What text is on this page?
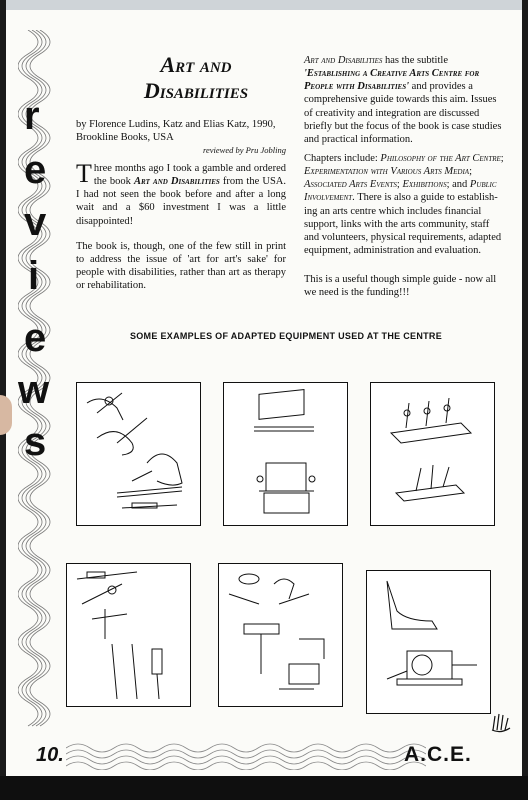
r
e
v
i
e
w
s
Art and
Disabilities
by Florence Ludins, Katz and Elias Katz, 1990, Brookline Books, USA
reviewed by Pru Jobling
Three months ago I took a gamble and ordered the book Art and Disabilities from the USA. I had not seen the book before and after a long wait and a $60 investment I was a little disappointed!
The book is, though, one of the few still in print to address the issue of 'art for art's sake' for people with disabilities, rather than art as therapy or rehabilitation.
Art and Disabilities has the subtitle 'Establishing a Creative Arts Centre for People with Disabilities' and provides a comprehensive guide towards this aim. Issues of creativity and integration are discussed briefly but the focus of the book is case studies and practical information.
Chapters include: Philosophy of the Art Centre; Experimentation with Various Arts Media; Associated Arts Events; Exhibitions; and Public Involvement. There is also a guide to establish-ing an arts centre which includes financial support, links with the arts community, staff and volunteers, physical requirements, adapted equipment, administration and evaluation.
This is a useful though simple guide - now all we need is the funding!!!
SOME EXAMPLES OF ADAPTED EQUIPMENT USED AT THE CENTRE
10.	A.C.E.
